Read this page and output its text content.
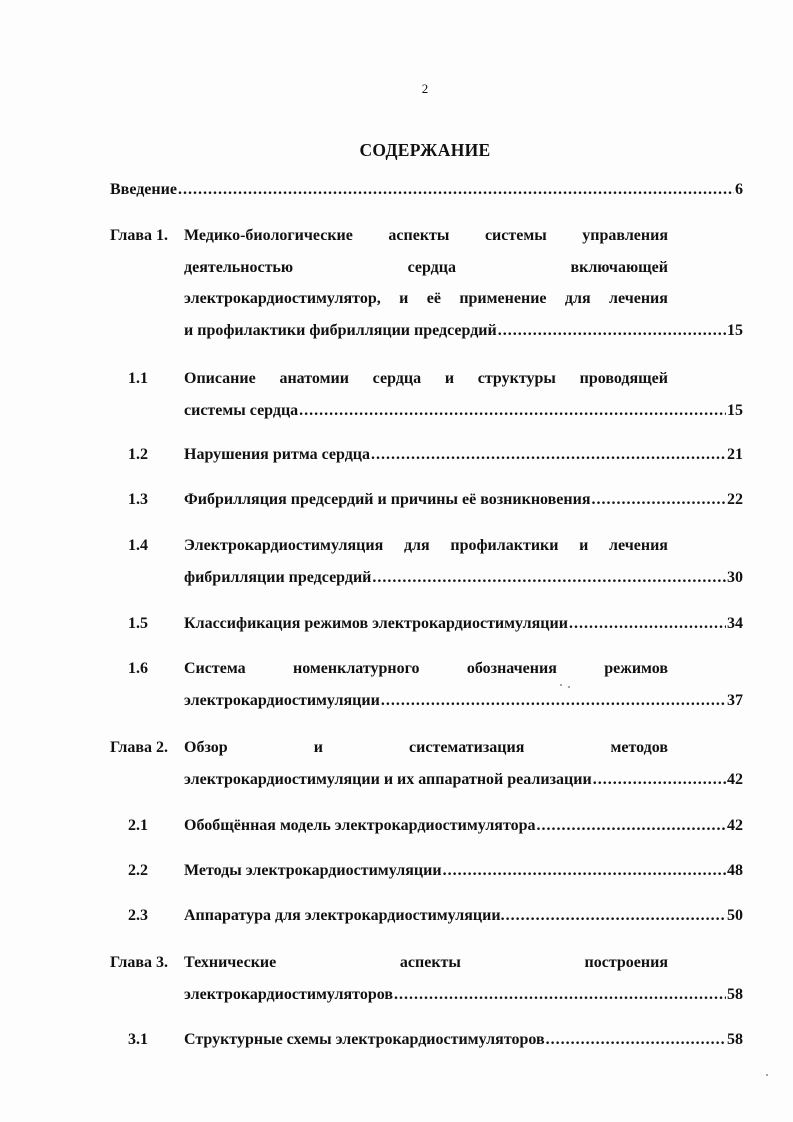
2
СОДЕРЖАНИЕ
Введение .....	6
Глава 1. Медико-биологические аспекты системы управления
деятельностью	сердца	включающей
электрокардиостимулятор, и её применение для лечения
и профилактики фибрилляции предсердий .....	15
1.1 Описание анатомии сердца и структуры проводящей
системы сердца .....	15
1.2 Нарушения ритма сердца .....	21
1.3 Фибрилляция предсердий и причины её возникновения .....	22
1.4 Электрокардиостимуляция для профилактики и лечения
фибрилляции предсердий .....	30
1.5 Классификация режимов электрокардиостимуляции .....	34
1.6 Система	номенклатурного	обозначения	режимов
электрокардиостимуляции .....	37
Глава 2. Обзор	и	систематизация	методов
электрокардиостимуляции и их аппаратной реализации .....	42
2.1 Обобщённая модель электрокардиостимулятора .....	42
2.2 Методы электрокардиостимуляции .....	48
2.3 Аппаратура для электрокардиостимуляции. .....	50
Глава 3. Технические	аспекты	построения
электрокардиостимуляторов .....	58
3.1 Структурные схемы электрокардиостимуляторов .....	58
